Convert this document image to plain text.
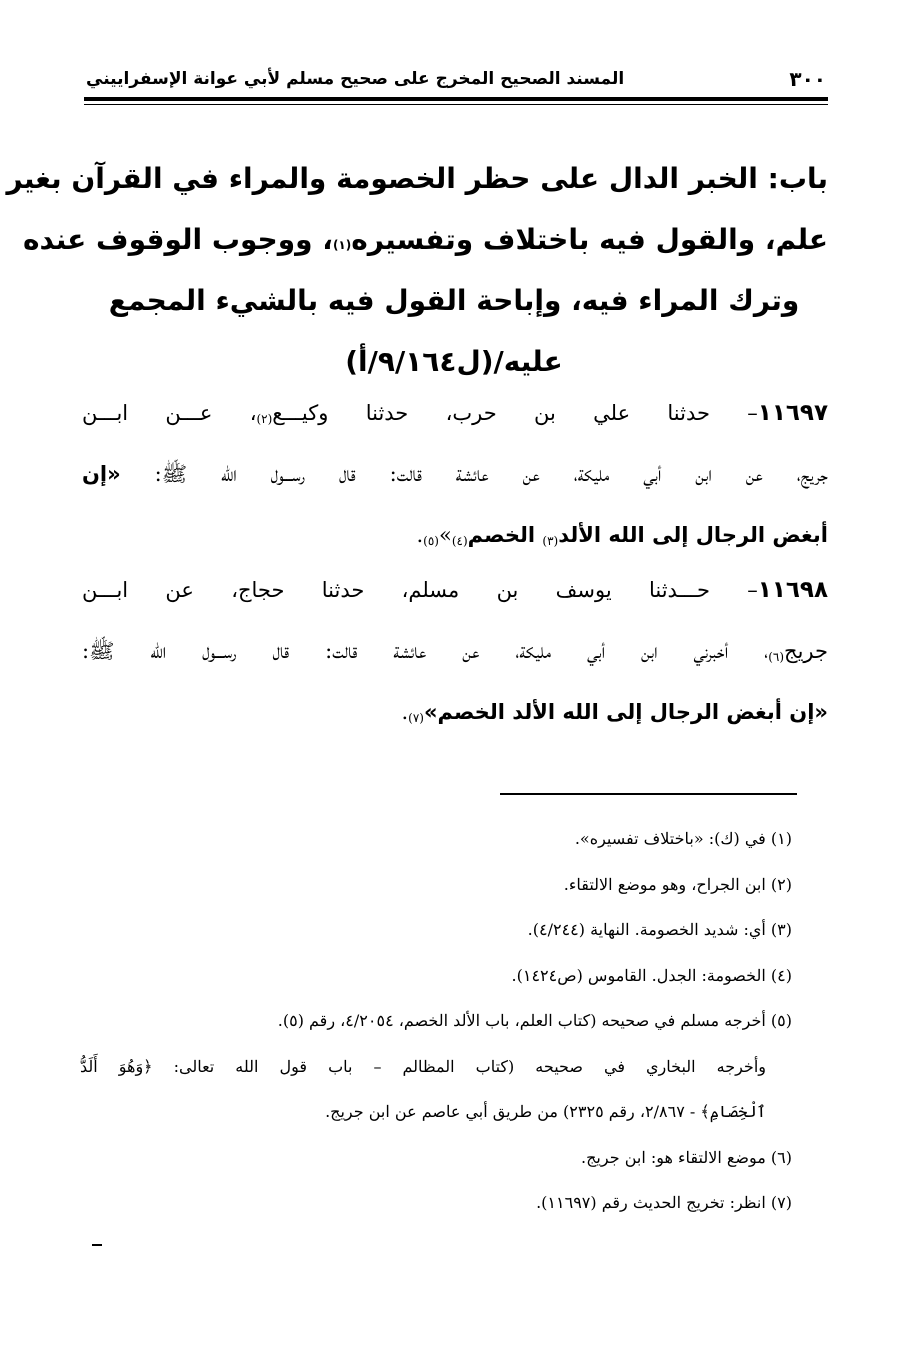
٣٠٠
المسند الصحيح المخرج على صحيح مسلم لأبي عوانة الإسفراييني
باب: الخبر الدال على حظر الخصومة والمراء في القرآن بغير
علم، والقول فيه باختلاف وتفسيره$^{(١)}$، ووجوب الوقوف عنده
وترك المراء فيه، وإباحة القول فيه بالشيء المجمع
عليه/(ل٩/١٦٤/أ)
١١٦٩٧– حدثنا علي بن حرب، حدثنا وكيـــع$^{(٢)}$، عـــن ابـــن
جريج، عن ابن أبي مليكة، عن عائشة قالت: قال رســـول الله ﷺ: «إن
أبغض الرجال إلى الله الألد$^{(٣)}$ الخصم$^{(٤)}$»$^{(٥)}$.
١١٦٩٨– حـــدثنا يوسف بن مسلم، حدثنا حجاج، عن ابـــن
جريج$^{(٦)}$، أخبرني ابن أبي مليكة، عن عائشة قالت: قال رســـول الله ﷺ:
«إن أبغض الرجال إلى الله الألد الخصم»$^{(٧)}$.
(١) في (ك): «باختلاف تفسيره».
(٢) ابن الجراح، وهو موضع الالتقاء.
(٣) أي: شديد الخصومة. النهاية (٤/٢٤٤).
(٤) الخصومة: الجدل. القاموس (ص١٤٢٤).
(٥) أخرجه مسلم في صحيحه (كتاب العلم، باب الألد الخصم، ٤/٢٠٥٤، رقم (٥).
وأخرجه البخاري في صحيحه (كتاب المظالم – باب قول الله تعالى: ﴿وَهُوَ أَلَدُّ
ٱلْخِصَامِ﴾ - ٢/٨٦٧، رقم ٢٣٢٥) من طريق أبي عاصم عن ابن جريج.
(٦) موضع الالتقاء هو: ابن جريج.
(٧) انظر: تخريج الحديث رقم (١١٦٩٧).
